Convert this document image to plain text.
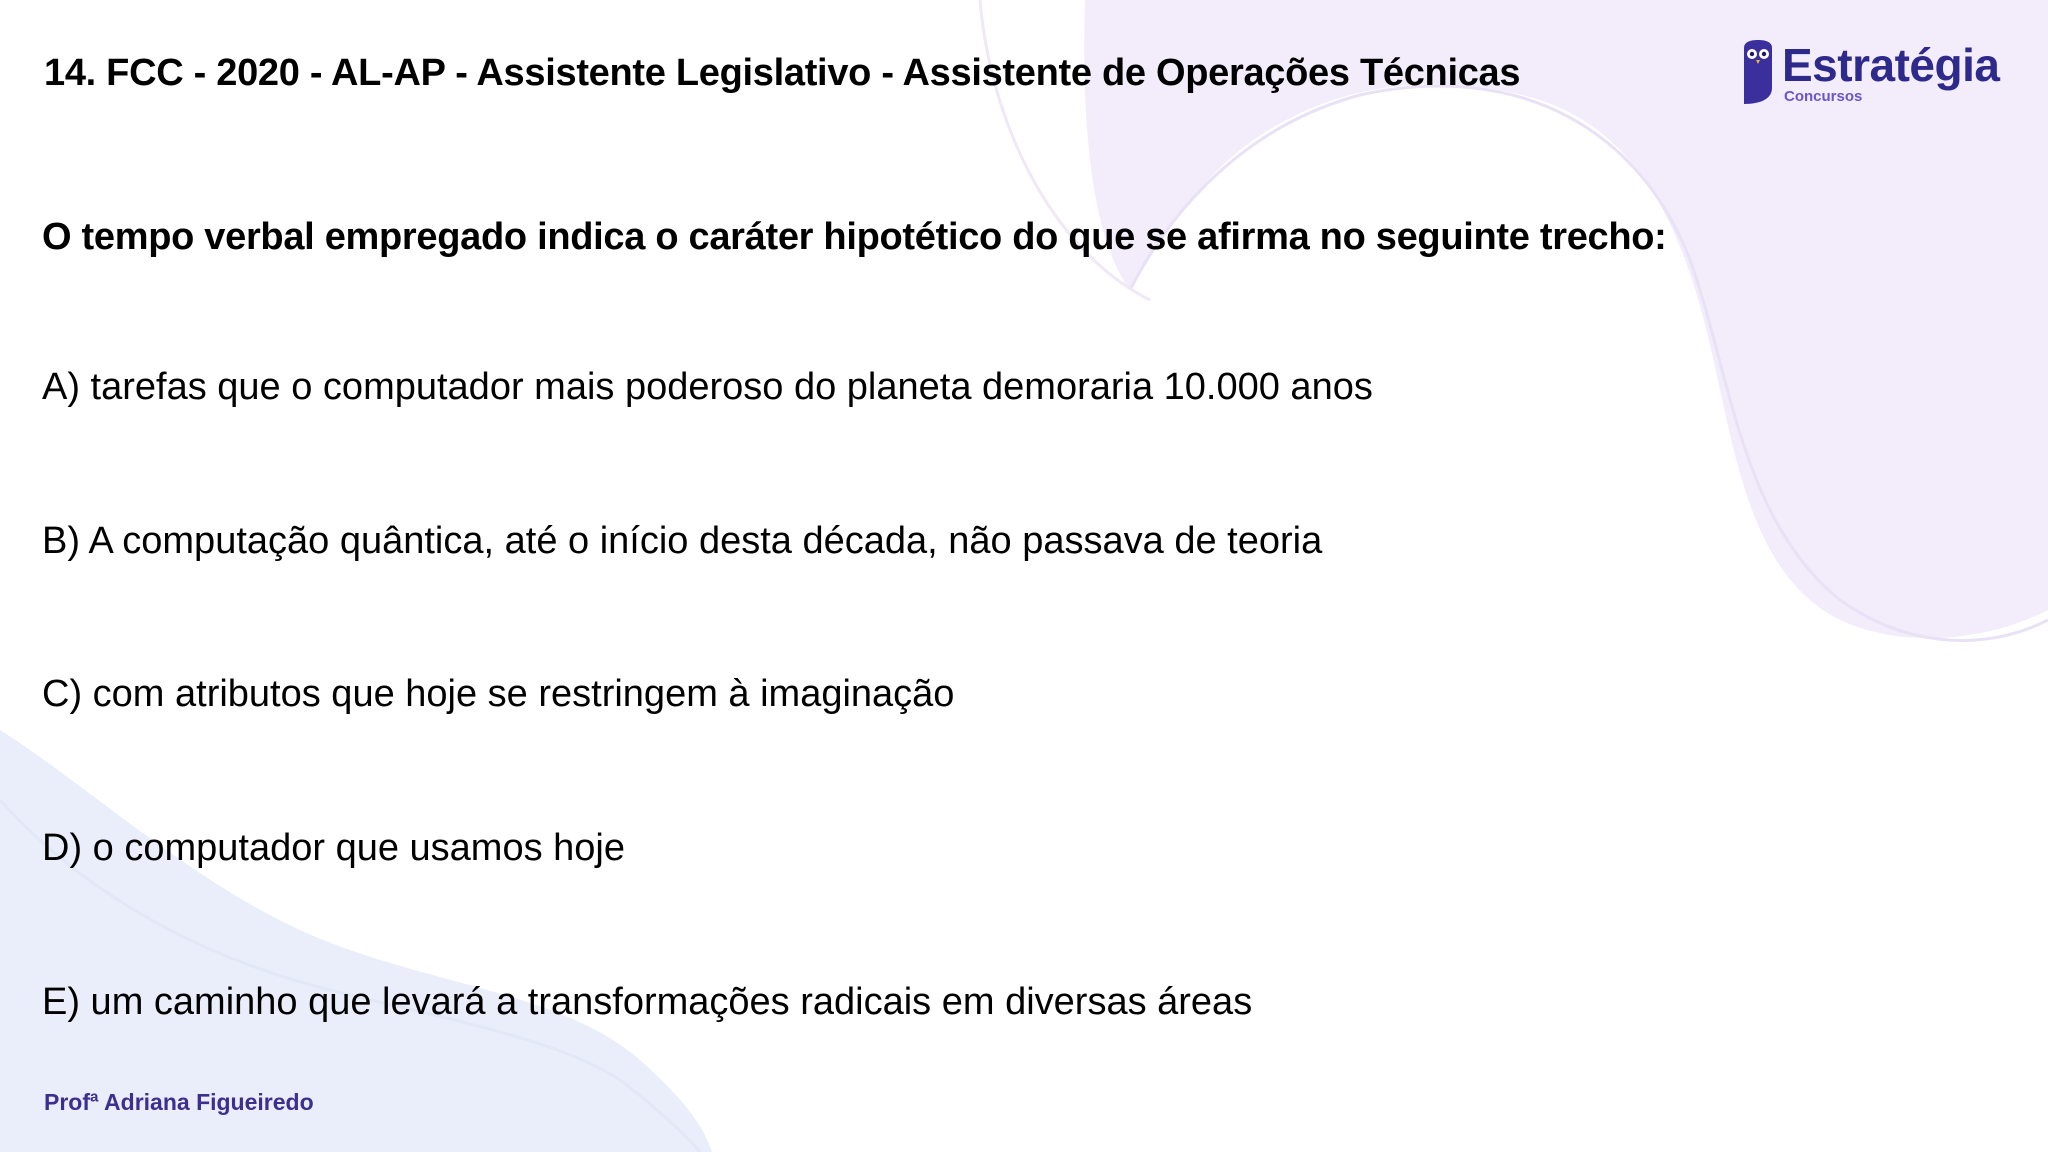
14. FCC - 2020 - AL-AP - Assistente Legislativo - Assistente de Operações Técnicas	Estratégia
Concursos
O tempo verbal empregado indica o caráter hipotético do que se afirma no seguinte trecho:
A) tarefas que o computador mais poderoso do planeta demoraria 10.000 anos
B) A computação quântica, até o início desta década, não passava de teoria
C) com atributos que hoje se restringem à imaginação
D) o computador que usamos hoje
E) um caminho que levará a transformações radicais em diversas áreas
Profª Adriana Figueiredo
